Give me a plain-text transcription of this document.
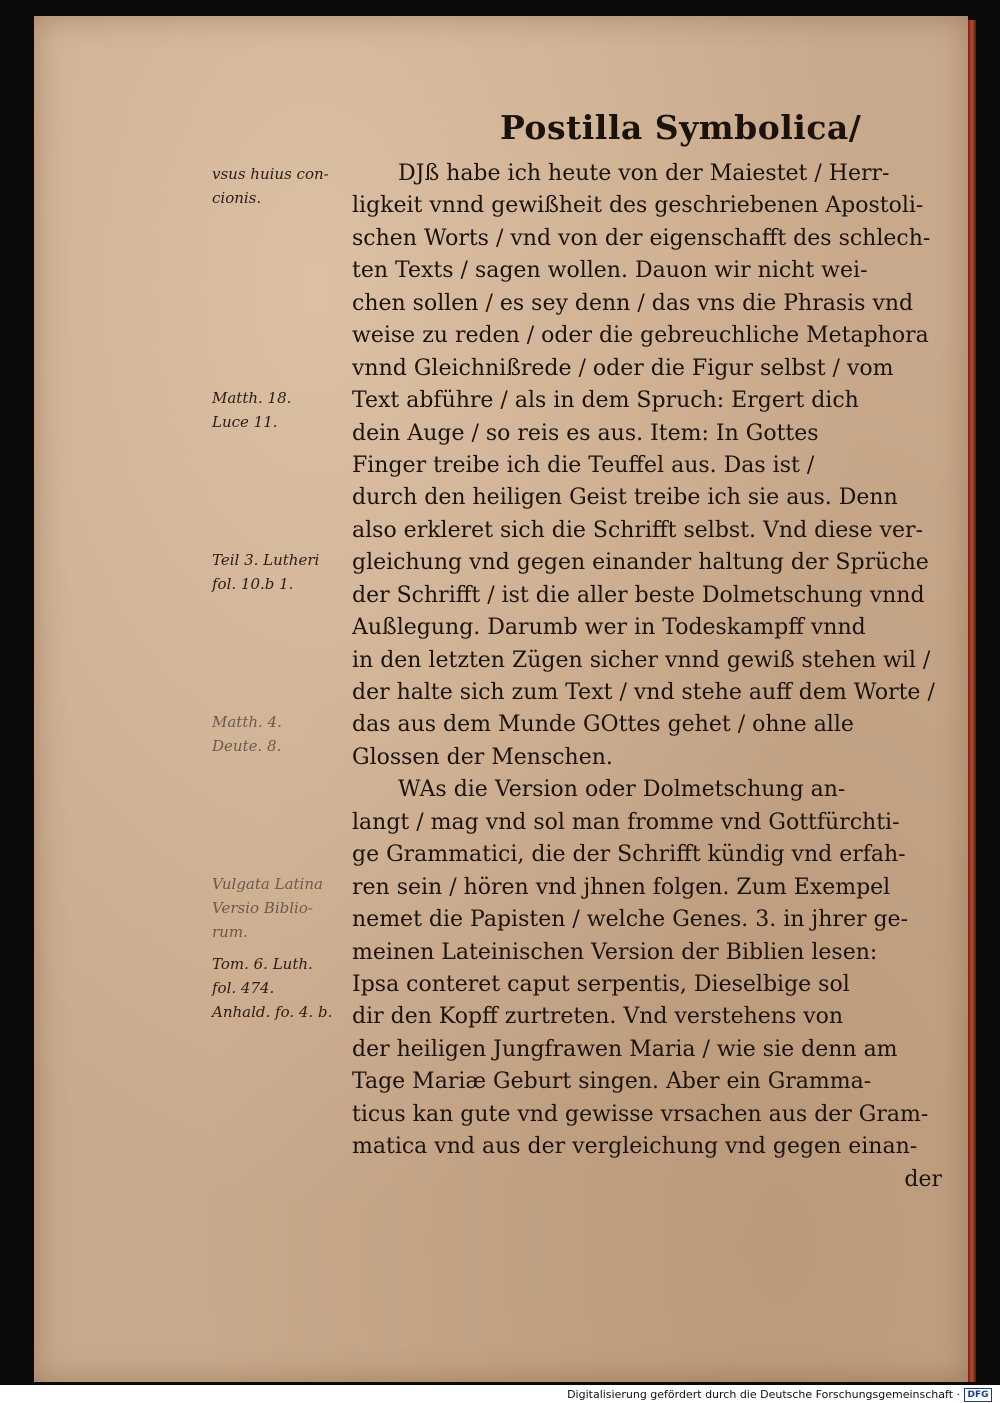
Postilla Symbolica/
vsus huius con-
cionis.
Matth. 18.
Luce 11.
Teil 3. Lutheri
fol. 10.b 1.
Matth. 4.
Deute. 8.
Vulgata Latina
Versio Biblio-
rum.
Tom. 6. Luth.
fol. 474.
Anhald. fo. 4. b.
DJß habe ich heute von der Maiestet / Herr-
ligkeit vnnd gewißheit des geschriebenen Apostoli-
schen Worts / vnd von der eigenschafft des schlech-
ten Texts / sagen wollen. Dauon wir nicht wei-
chen sollen / es sey denn / das vns die Phrasis vnd
weise zu reden / oder die gebreuchliche Metaphora
vnnd Gleichnißrede / oder die Figur selbst / vom
Text abführe / als in dem Spruch: Ergert dich
dein Auge / so reis es aus. Item: In Gottes
Finger treibe ich die Teuffel aus. Das ist /
durch den heiligen Geist treibe ich sie aus. Denn
also erkleret sich die Schrifft selbst. Vnd diese ver-
gleichung vnd gegen einander haltung der Sprüche
der Schrifft / ist die aller beste Dolmetschung vnnd
Außlegung. Darumb wer in Todeskampff vnnd
in den letzten Zügen sicher vnnd gewiß stehen wil /
der halte sich zum Text / vnd stehe auff dem Worte /
das aus dem Munde GOttes gehet / ohne alle
Glossen der Menschen.
WAs die Version oder Dolmetschung an-
langt / mag vnd sol man fromme vnd Gottfürchti-
ge Grammatici, die der Schrifft kündig vnd erfah-
ren sein / hören vnd jhnen folgen. Zum Exempel
nemet die Papisten / welche Genes. 3. in jhrer ge-
meinen Lateinischen Version der Biblien lesen:
Ipsa conteret caput serpentis, Dieselbige sol
dir den Kopff zurtreten. Vnd verstehens von
der heiligen Jungfrawen Maria / wie sie denn am
Tage Mariæ Geburt singen. Aber ein Gramma-
ticus kan gute vnd gewisse vrsachen aus der Gram-
matica vnd aus der vergleichung vnd gegen einan-
der
Digitalisierung gefördert durch die Deutsche Forschungsgemeinschaft · DFG
